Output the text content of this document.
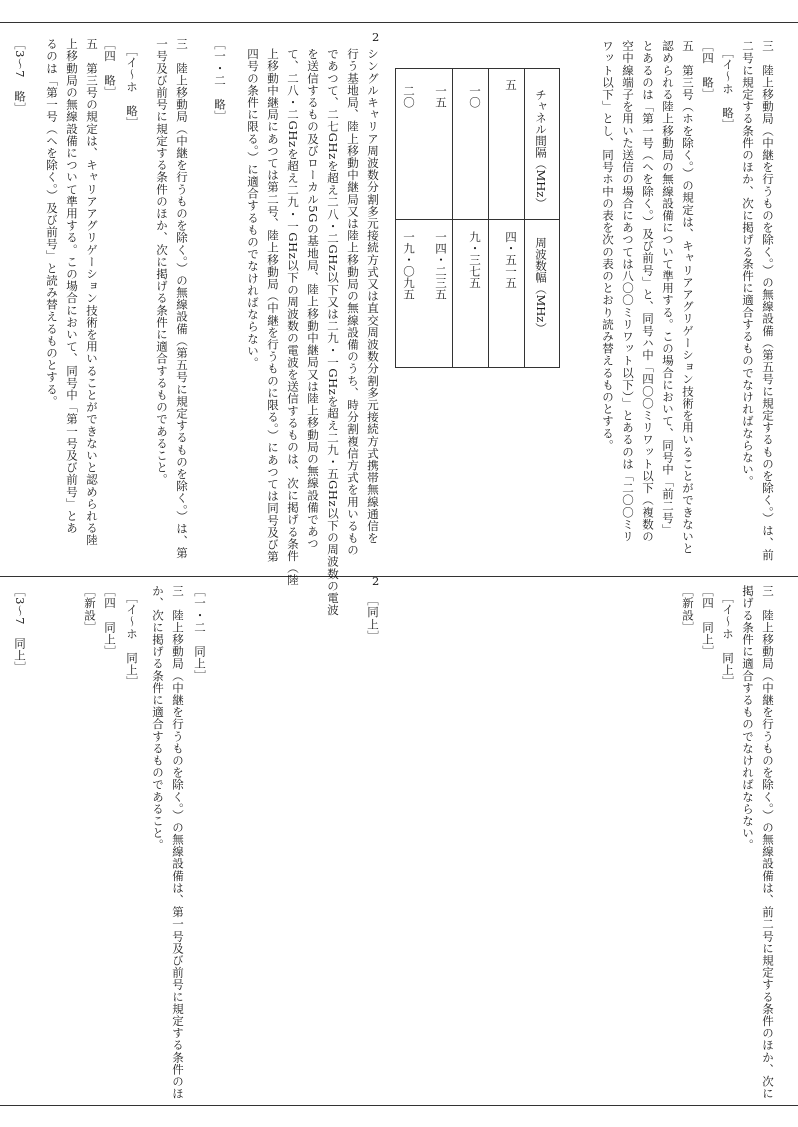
三　陸上移動局（中継を行うものを除く。）の無線設備（第五号に規定するものを除く。）は、前
二号に規定する条件のほか、次に掲げる条件に適合するものでなければならない。
　［イ～ホ　略］
［四　略］
五　第三号（ホを除く。）の規定は、キャリアアグリゲーション技術を用いることができないと
認められる陸上移動局の無線設備について準用する。この場合において、同号中「前二号」
とあるのは「第一号（ヘを除く。）及び前号」と、同号ハ中「四〇〇ミリワット以下（複数の
空中線端子を用いた送信の場合にあつては八〇〇ミリワット以下）」とあるのは「二〇〇ミリ
ワット以下」とし、同号ホ中の表を次の表のとおり読み替えるものとする。
チャネル間隔（MHz）
周波数幅（MHz）
五
四・五一五
一〇
九・三七五
一五
一四・二三五
二〇
一九・〇九五
2
シングルキャリア周波数分割多元接続方式又は直交周波数分割多元接続方式携帯無線通信を
行う基地局、陸上移動中継局又は陸上移動局の無線設備のうち、時分割複信方式を用いるもの
であつて、二七GHzを超え二八・二GHz以下又は二九・一GHzを超え二九・五GHz以下の周波数の電波
を送信するもの及びローカル5Gの基地局、陸上移動中継局又は陸上移動局の無線設備であつ
て、二八・二GHzを超え二九・一GHz以下の周波数の電波を送信するものは、次に掲げる条件（陸
上移動中継局にあつては第二号、陸上移動局（中継を行うものに限る。）にあつては同号及び第
四号の条件に限る。）に適合するものでなければならない。
［一・二　略］
三　陸上移動局（中継を行うものを除く。）の無線設備（第五号に規定するものを除く。）は、第
一号及び前号に規定する条件のほか、次に掲げる条件に適合するものであること。
　［イ～ホ　略］
［四　略］
五　第三号の規定は、キャリアアグリゲーション技術を用いることができないと認められる陸
上移動局の無線設備について準用する。この場合において、同号中「第一号及び前号」とあ
るのは「第一号（ヘを除く。）及び前号」と読み替えるものとする。
［3～7　略］
三　陸上移動局（中継を行うものを除く。）の無線設備は、前二号に規定する条件のほか、次に
掲げる条件に適合するものでなければならない。
　［イ～ホ　同上］
［四　同上］
［新設］
2
［同上］
［一・二　同上］
三　陸上移動局（中継を行うものを除く。）の無線設備は、第一号及び前号に規定する条件のほ
か、次に掲げる条件に適合するものであること。
　［イ～ホ　同上］
［四　同上］
［新設］
［3～7　同上］
